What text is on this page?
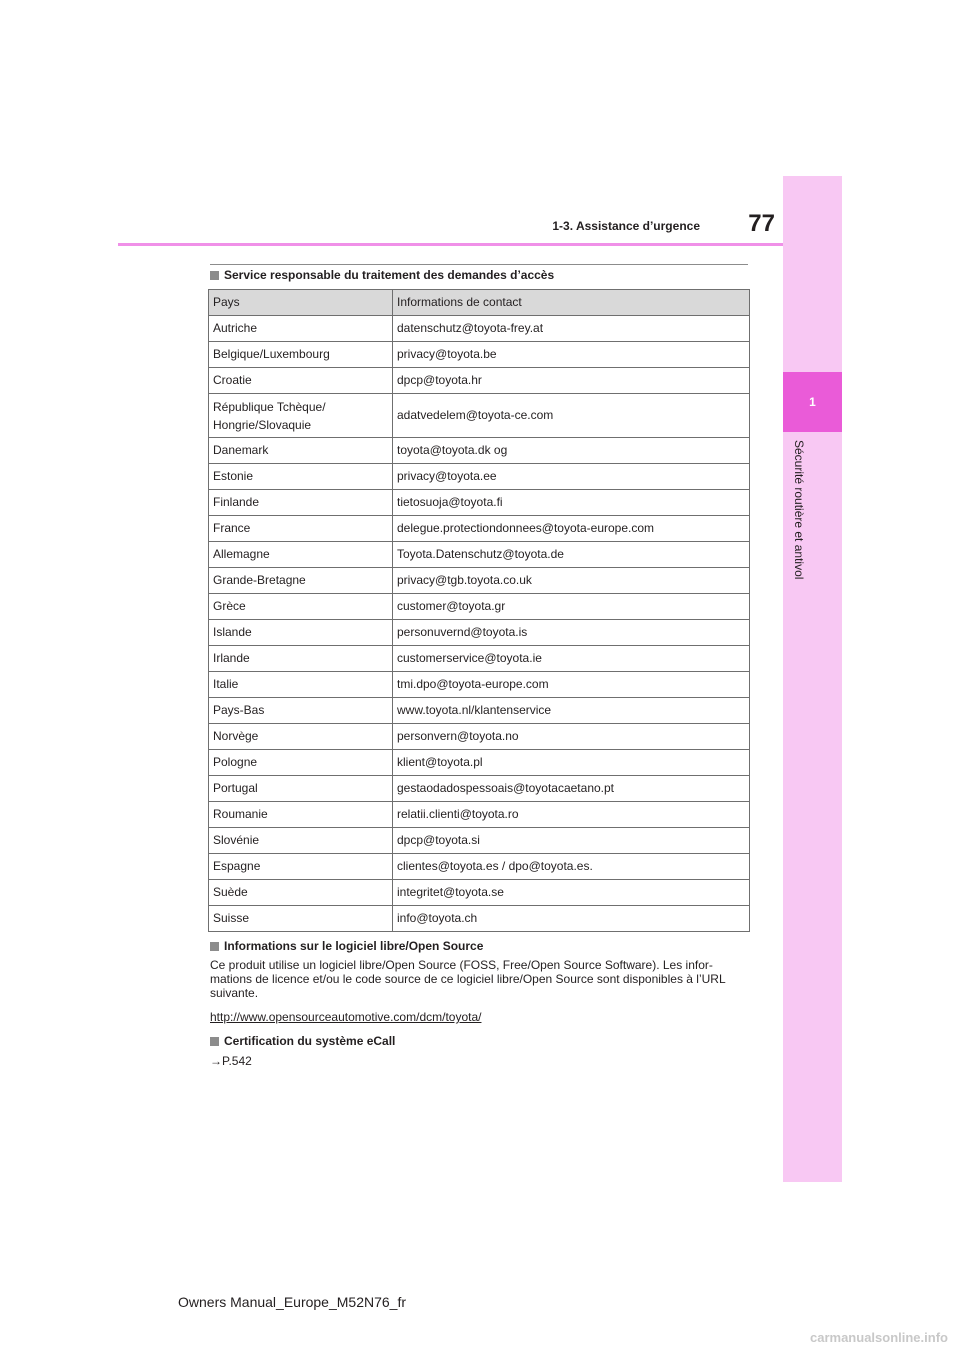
1
Sécurité routière et antivol
1-3. Assistance d’urgence	77
Service responsable du traitement des demandes d’accès
Pays	Informations de contact
Autriche	datenschutz@toyota-frey.at
Belgique/Luxembourg	privacy@toyota.be
Croatie	dpcp@toyota.hr

République Tchèque/
Hongrie/Slovaquie	adatvedelem@toyota-ce.com
Danemark	toyota@toyota.dk og
Estonie	privacy@toyota.ee
Finlande	tietosuoja@toyota.fi
France	delegue.protectiondonnees@toyota-europe.com
Allemagne	Toyota.Datenschutz@toyota.de
Grande-Bretagne	privacy@tgb.toyota.co.uk
Grèce	customer@toyota.gr
Islande	personuvernd@toyota.is
Irlande	customerservice@toyota.ie
Italie	tmi.dpo@toyota-europe.com
Pays-Bas	www.toyota.nl/klantenservice
Norvège	personvern@toyota.no
Pologne	klient@toyota.pl
Portugal	gestaodadospessoais@toyotacaetano.pt
Roumanie	relatii.clienti@toyota.ro
Slovénie	dpcp@toyota.si
Espagne	clientes@toyota.es / dpo@toyota.es.
Suède	integritet@toyota.se
Suisse	info@toyota.ch
Informations sur le logiciel libre/Open Source

Ce produit utilise un logiciel libre/Open Source (FOSS, Free/Open Source Software). Les infor-mations de licence et/ou le code source de ce logiciel libre/Open Source sont disponibles à l’URL suivante.

http://www.opensourceautomotive.com/dcm/toyota/
Certification du système eCall
→P.542
Owners Manual_Europe_M52N76_fr
carmanualsonline.info
